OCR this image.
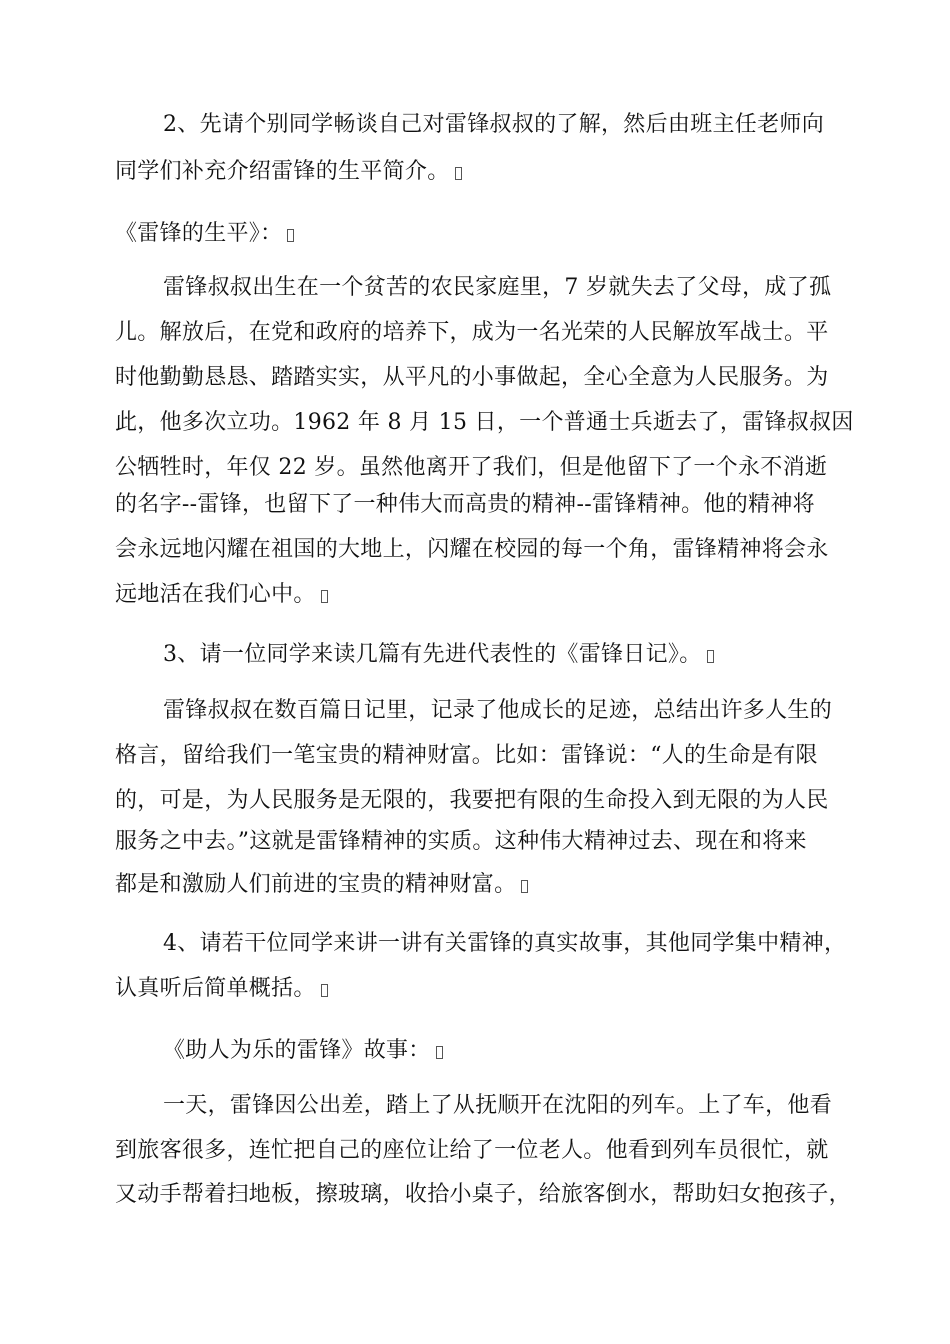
2、先请个别同学畅谈自己对雷锋叔叔的了解，然后由班主任老师向
同学们补充介绍雷锋的生平简介。
《雷锋的生平》：
雷锋叔叔出生在一个贫苦的农民家庭里，7 岁就失去了父母，成了孤
儿。解放后，在党和政府的培养下，成为一名光荣的人民解放军战士。平
时他勤勤恳恳、踏踏实实，从平凡的小事做起，全心全意为人民服务。为
此，他多次立功。1962 年 8 月 15 日，一个普通士兵逝去了，雷锋叔叔因
公牺牲时，年仅 22 岁。虽然他离开了我们，但是他留下了一个永不消逝
的名字--雷锋，也留下了一种伟大而高贵的精神--雷锋精神。他的精神将
会永远地闪耀在祖国的大地上，闪耀在校园的每一个角，雷锋精神将会永
远地活在我们心中。
3、请一位同学来读几篇有先进代表性的《雷锋日记》。
雷锋叔叔在数百篇日记里，记录了他成长的足迹，总结出许多人生的
格言，留给我们一笔宝贵的精神财富。比如：雷锋说：“人的生命是有限
的，可是，为人民服务是无限的，我要把有限的生命投入到无限的为人民
服务之中去。”这就是雷锋精神的实质。这种伟大精神过去、现在和将来
都是和激励人们前进的宝贵的精神财富。
4、请若干位同学来讲一讲有关雷锋的真实故事，其他同学集中精神，
认真听后简单概括。
《助人为乐的雷锋》故事：
一天，雷锋因公出差，踏上了从抚顺开在沈阳的列车。上了车，他看
到旅客很多，连忙把自己的座位让给了一位老人。他看到列车员很忙，就
又动手帮着扫地板，擦玻璃，收拾小桌子，给旅客倒水，帮助妇女抱孩子，
